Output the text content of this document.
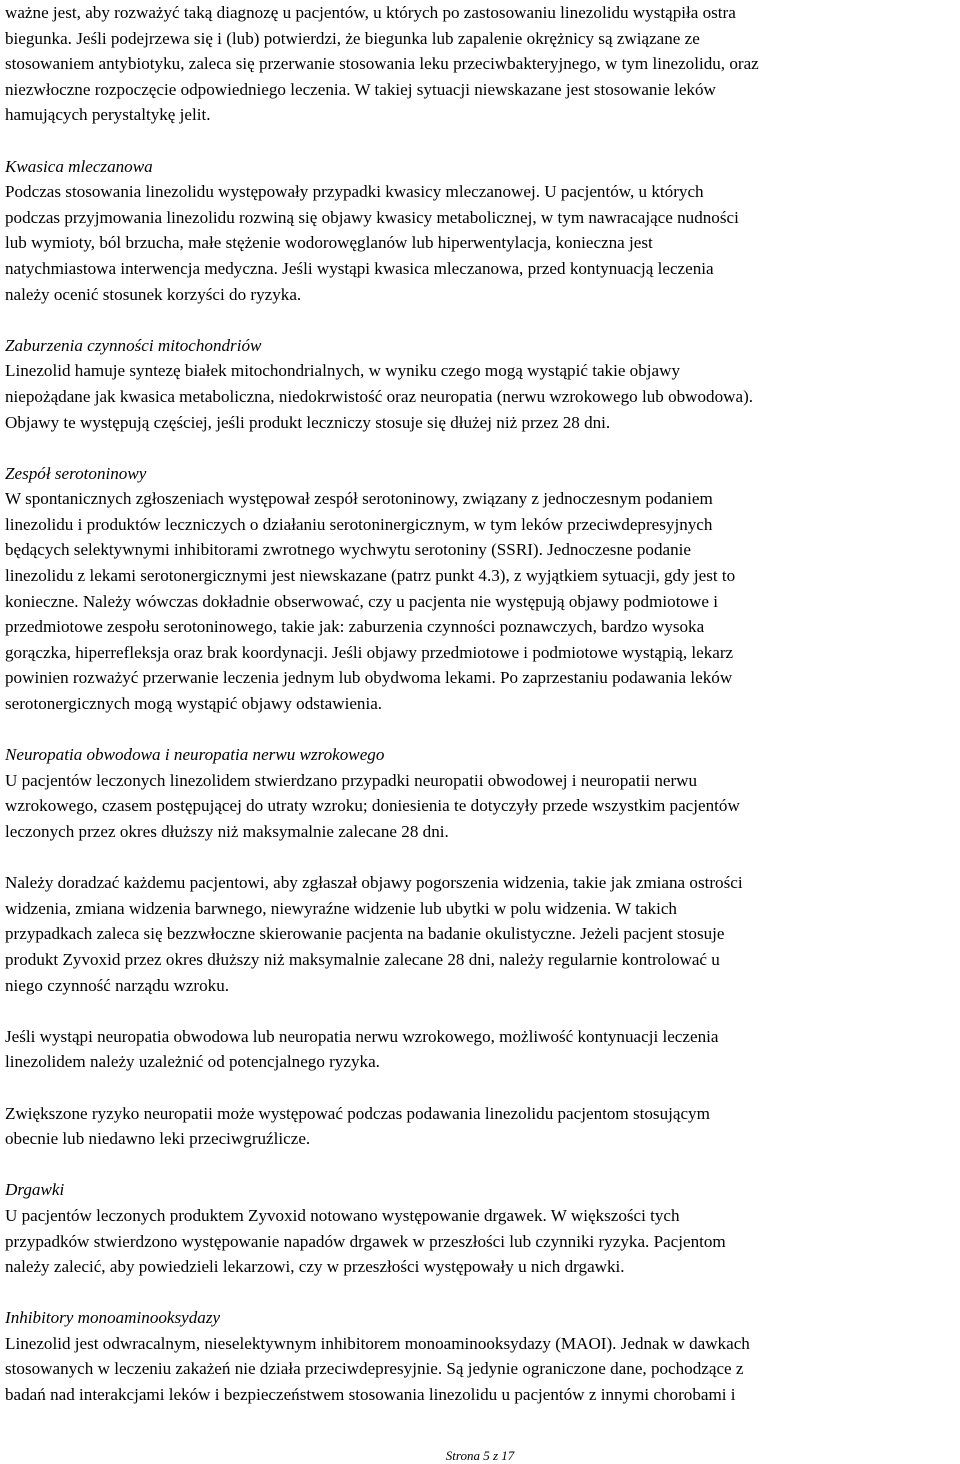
ważne jest, aby rozważyć taką diagnozę u pacjentów, u których po zastosowaniu linezolidu wystąpiła ostra
biegunka. Jeśli podejrzewa się i (lub) potwierdzi, że biegunka lub zapalenie okrężnicy są związane ze
stosowaniem antybiotyku, zaleca się przerwanie stosowania leku przeciwbakteryjnego, w tym linezolidu, oraz
niezwłoczne rozpoczęcie odpowiedniego leczenia. W takiej sytuacji niewskazane jest stosowanie leków
hamujących perystaltykę jelit.

Kwasica mleczanowa

Podczas stosowania linezolidu występowały przypadki kwasicy mleczanowej. U pacjentów, u których
podczas przyjmowania linezolidu rozwiną się objawy kwasicy metabolicznej, w tym nawracające nudności
lub wymioty, ból brzucha, małe stężenie wodorowęglanów lub hiperwentylacja, konieczna jest
natychmiastowa interwencja medyczna. Jeśli wystąpi kwasica mleczanowa, przed kontynuacją leczenia
należy ocenić stosunek korzyści do ryzyka.

Zaburzenia czynności mitochondriów

Linezolid hamuje syntezę białek mitochondrialnych, w wyniku czego mogą wystąpić takie objawy
niepożądane jak kwasica metaboliczna, niedokrwistość oraz neuropatia (nerwu wzrokowego lub obwodowa).
Objawy te występują częściej, jeśli produkt leczniczy stosuje się dłużej niż przez 28 dni.

Zespół serotoninowy

W spontanicznych zgłoszeniach występował zespół serotoninowy, związany z jednoczesnym podaniem
linezolidu i produktów leczniczych o działaniu serotoninergicznym, w tym leków przeciwdepresyjnych
będących selektywnymi inhibitorami zwrotnego wychwytu serotoniny (SSRI). Jednoczesne podanie
linezolidu z lekami serotonergicznymi jest niewskazane (patrz punkt 4.3), z wyjątkiem sytuacji, gdy jest to
konieczne. Należy wówczas dokładnie obserwować, czy u pacjenta nie występują objawy podmiotowe i
przedmiotowe zespołu serotoninowego, takie jak: zaburzenia czynności poznawczych, bardzo wysoka
gorączka, hiperrefleksja oraz brak koordynacji. Jeśli objawy przedmiotowe i podmiotowe wystąpią, lekarz
powinien rozważyć przerwanie leczenia jednym lub obydwoma lekami. Po zaprzestaniu podawania leków
serotonergicznych mogą wystąpić objawy odstawienia.

Neuropatia obwodowa i neuropatia nerwu wzrokowego

U pacjentów leczonych linezolidem stwierdzano przypadki neuropatii obwodowej i neuropatii nerwu
wzrokowego, czasem postępującej do utraty wzroku; doniesienia te dotyczyły przede wszystkim pacjentów
leczonych przez okres dłuższy niż maksymalnie zalecane 28 dni.

Należy doradzać każdemu pacjentowi, aby zgłaszał objawy pogorszenia widzenia, takie jak zmiana ostrości
widzenia, zmiana widzenia barwnego, niewyraźne widzenie lub ubytki w polu widzenia. W takich
przypadkach zaleca się bezzwłoczne skierowanie pacjenta na badanie okulistyczne. Jeżeli pacjent stosuje
produkt Zyvoxid przez okres dłuższy niż maksymalnie zalecane 28 dni, należy regularnie kontrolować u
niego czynność narządu wzroku.

Jeśli wystąpi neuropatia obwodowa lub neuropatia nerwu wzrokowego, możliwość kontynuacji leczenia
linezolidem należy uzależnić od potencjalnego ryzyka.

Zwiększone ryzyko neuropatii może występować podczas podawania linezolidu pacjentom stosującym
obecnie lub niedawno leki przeciwgruźlicze.

Drgawki

U pacjentów leczonych produktem Zyvoxid notowano występowanie drgawek. W większości tych
przypadków stwierdzono występowanie napadów drgawek w przeszłości lub czynniki ryzyka. Pacjentom
należy zalecić, aby powiedzieli lekarzowi, czy w przeszłości występowały u nich drgawki.

Inhibitory monoaminooksydazy

Linezolid jest odwracalnym, nieselektywnym inhibitorem monoaminooksydazy (MAOI). Jednak w dawkach
stosowanych w leczeniu zakażeń nie działa przeciwdepresyjnie. Są jedynie ograniczone dane, pochodzące z
badań nad interakcjami leków i bezpieczeństwem stosowania linezolidu u pacjentów z innymi chorobami i

Strona 5 z 17
